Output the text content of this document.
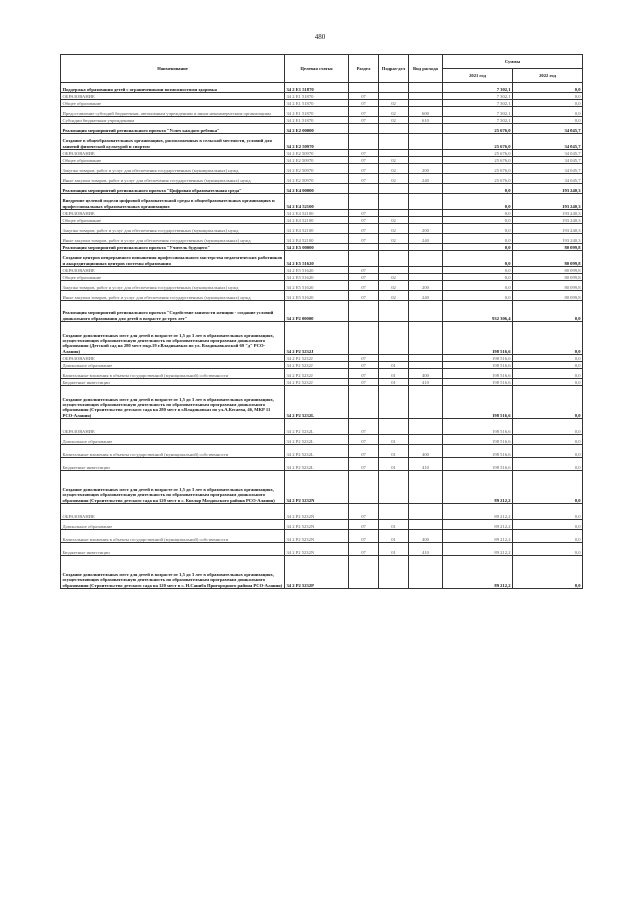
480
Наименование	Целевая статья	Раздел	Подраз-дел	Вид расхода	Суммы	
					2021 год	2022 год
Поддержка образования детей с ограниченными возможностями здоровья	34 2 E1 51870				7 302,1	0,0
ОБРАЗОВАНИЕ	34 2 E1 51870	07			7 302,1	0,0
Общее образование	34 2 E1 51870	07	02		7 302,1	0,0
Предоставление субсидий бюджетным, автономным учреждениям и иным некоммерческим организациям	34 2 E1 51870	07	02	600	7 302,1	0,0
Субсидии бюджетным учреждениям	34 2 E1 51870	07	02	610	7 302,1	0,0
Реализация мероприятий регионального проекта "Успех каждого ребенка"	34 2 E2 00000				25 676,0	34 045,7
Создание в общеобразовательных организациях, расположенных в сельской местности, условий для занятий физической культурой и спортом	34 2 E2 50970				25 676,0	34 045,7
ОБРАЗОВАНИЕ	34 2 E2 50970	07			25 676,0	34 045,7
Общее образование	34 2 E2 50970	07	02		25 676,0	34 045,7
Закупка товаров, работ и услуг для обеспечения государственных (муниципальных) нужд	34 2 E2 50970	07	02	200	25 676,0	34 045,7
Иные закупки товаров, работ и услуг для обеспечения государственных (муниципальных) нужд	34 2 E2 50970	07	02	240	25 676,0	34 045,7
Реализация мероприятий регионального проекта "Цифровая образовательная среда"	34 2 E4 00000				0,0	193 240,3
Внедрение целевой модели цифровой образовательной среды в общеобразовательных организациях и профессиональных образовательных организациях	34 2 E4 52100				0,0	193 240,3
ОБРАЗОВАНИЕ	34 2 E4 52100	07			0,0	193 240,3
Общее образование	34 2 E4 52100	07	02		0,0	193 240,3
Закупка товаров, работ и услуг для обеспечения государственных (муниципальных) нужд	34 2 E4 52100	07	02	200	0,0	193 240,3
Иные закупки товаров, работ и услуг для обеспечения государственных (муниципальных) нужд	34 2 E4 52100	07	02	240	0,0	193 240,3
Реализация мероприятий регионального проекта "Учитель будущего"	34 2 E5 00000				0,0	80 099,8
Создание центров непрерывного повышения профессионального мастерства педагогических работников и аккредитационных центров системы образования	34 2 E5 51620				0,0	80 099,8
ОБРАЗОВАНИЕ	34 2 E5 51620	07			0,0	80 099,8
Общее образование	34 2 E5 51620	07	02		0,0	80 099,8
Закупка товаров, работ и услуг для обеспечения государственных (муниципальных) нужд	34 2 E5 51620	07	02	200	0,0	80 099,8
Иные закупки товаров, работ и услуг для обеспечения государственных (муниципальных) нужд	34 2 E5 51620	07	02	240	0,0	80 099,8
Реализация мероприятий регионального проекта "Содействие занятости женщин - создание условий дошкольного образования для детей в возрасте до трех лет"	34 2 P2 00000				932 306,4	0,0
Создание дополнительных мест для детей в возрасте от 1,5 до 3 лет в образовательных организациях, осуществляющих образовательную деятельность по образовательным программам дошкольного образования (Детский сад на 280 мест мкр.19 г.Владикавказ по ул. Владикавказской 69 "д" РСО-Алания)	34 2 P2 5232J				198 516,6	0,0
ОБРАЗОВАНИЕ	34 2 P2 5232J	07			198 516,6	0,0
Дошкольное образование	34 2 P2 5232J	07	01		198 516,6	0,0
Капитальные вложения в объекты государственной (муниципальной) собственности	34 2 P2 5232J	07	01	400	198 516,6	0,0
Бюджетные инвестиции	34 2 P2 5232J	07	01	410	198 516,6	0,0
Создание дополнительных мест для детей в возрасте от 1,5 до 3 лет в образовательных организациях, осуществляющих образовательную деятельность по образовательным программам дошкольного образования (Строительство детского сада на 280 мест в г.Владикавказ по ул.А.Кесаева, 46, МКР 11 РСО-Алания)	34 2 P2 5232L				198 516,6	0,0
ОБРАЗОВАНИЕ	34 2 P2 5232L	07			198 516,6	0,0
Дошкольное образование	34 2 P2 5232L	07	01		198 516,6	0,0
Капитальные вложения в объекты государственной (муниципальной) собственности	34 2 P2 5232L	07	01	400	198 516,6	0,0
Бюджетные инвестиции	34 2 P2 5232L	07	01	410	198 516,6	0,0
Создание дополнительных мест для детей в возрасте от 1,5 до 3 лет в образовательных организациях, осуществляющих образовательную деятельность по образовательным программам дошкольного образования (Строительство детского сада на 120 мест в с. Кизляр Моздокского района РСО-Алания)	34 2 P2 5232N				89 212,2	0,0
ОБРАЗОВАНИЕ	34 2 P2 5232N	07			89 212,2	0,0
Дошкольное образование	34 2 P2 5232N	07	01		89 212,2	0,0
Капитальные вложения в объекты государственной (муниципальной) собственности	34 2 P2 5232N	07	01	400	89 212,2	0,0
Бюджетные инвестиции	34 2 P2 5232N	07	01	410	89 212,2	0,0
Создание дополнительных мест для детей в возрасте от 1,5 до 3 лет в образовательных организациях, осуществляющих образовательную деятельность по образовательным программам дошкольного образования (Строительство детского сада на 120 мест в с. Н.Саниба Пригородного района РСО-Алания)	34 2 P2 5232P				89 212,2	0,0
